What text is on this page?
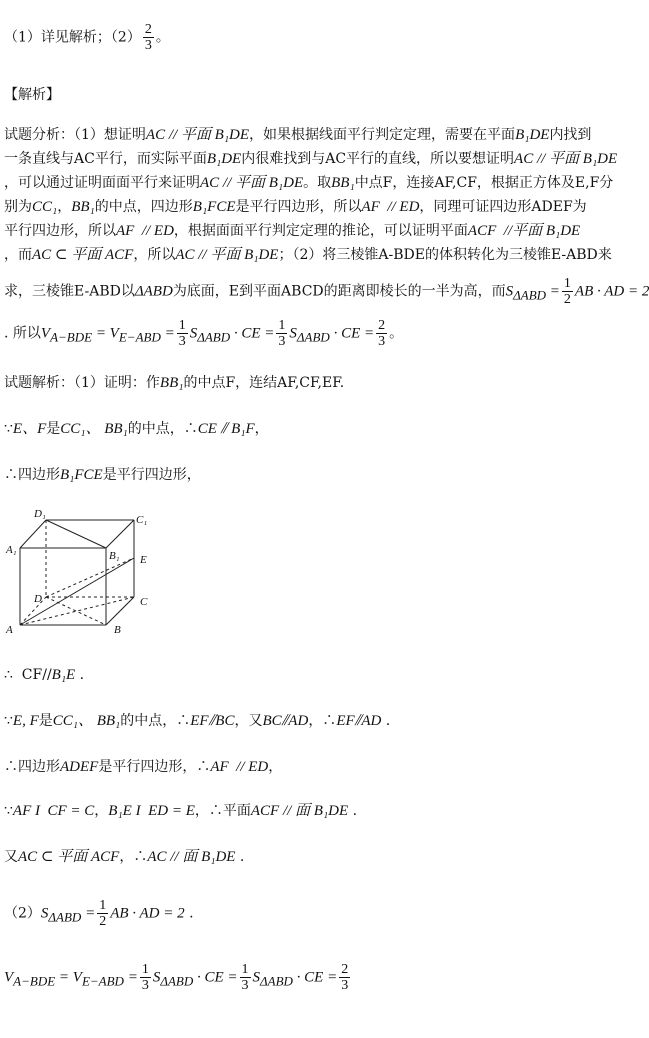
（1）详见解析；$(2) \frac{2}{3}$ 。
【解析】
试题分析：（1）想证明AC // 平面 B₁DE，如果根据线面平行判定定理，需要在平面B₁DE内找到
一条直线与AC平行，而实际平面B₁DE内很难找到与AC平行的直线，所以要想证明AC // 平面 B₁DE
，可以通过证明面面平行来证明AC // 平面 B₁DE。取BB₁中点F，连接AF,CF，根据正方体及E,F分
别为CC₁，BB₁的中点，四边形B₁FCE是平行四边形，所以AF  // ED，同理可证四边形ADEF为
平行四边形，所以AF  // ED，根据面面平行判定定理的推论，可以证明平面ACF  //平面 B₁DE
，而AC ⊂ 平面 ACF，所以AC // 平面 B₁DE；（2）将三棱锥A-BDE的体积转化为三棱锥E-ABD来
求，三棱锥E-ABD以ΔABD为底面，E到平面ABCD的距离即棱长的一半为高，而$S_{\Delta ABD} = \frac{1}{2}$ AB · AD = 2
. 所以$V_{A-BDE} = V_{E-ABD} = \frac{1}{3} S_{\Delta ABD}$ · CE = $\frac{1}{3} S_{\Delta ABD}$ · CE = $\frac{2}{3}$ 。
试题解析：（1）证明：作BB₁的中点F，连结AF,CF,EF.
∵E、F是CC₁、 BB₁的中点，∴CE ⫽ B₁F，
∴四边形B₁FCE是平行四边形，
D₁	C₁
A₁	B₁ E
D	C
A	B
∴  CF//B₁E .
∵E, F是CC₁、 BB₁的中点，∴EF⫽BC，又BC⫽AD，∴EF⫽AD .
∴四边形ADEF是平行四边形，∴AF  // ED，
∵AF I  CF = C，B₁E I  ED = E，∴平面ACF // 面 B₁DE .
又AC ⊂ 平面 ACF，∴AC // 面 B₁DE .
$(2)S_{\Delta ABD} = \frac{1}{2}$ AB · AD = 2 .
$V_{A-BDE} = V_{E-ABD} = \frac{1}{3} S_{\Delta ABD}$ · CE = $\frac{1}{3} S_{\Delta ABD}$ · CE = $\frac{2}{3}$
